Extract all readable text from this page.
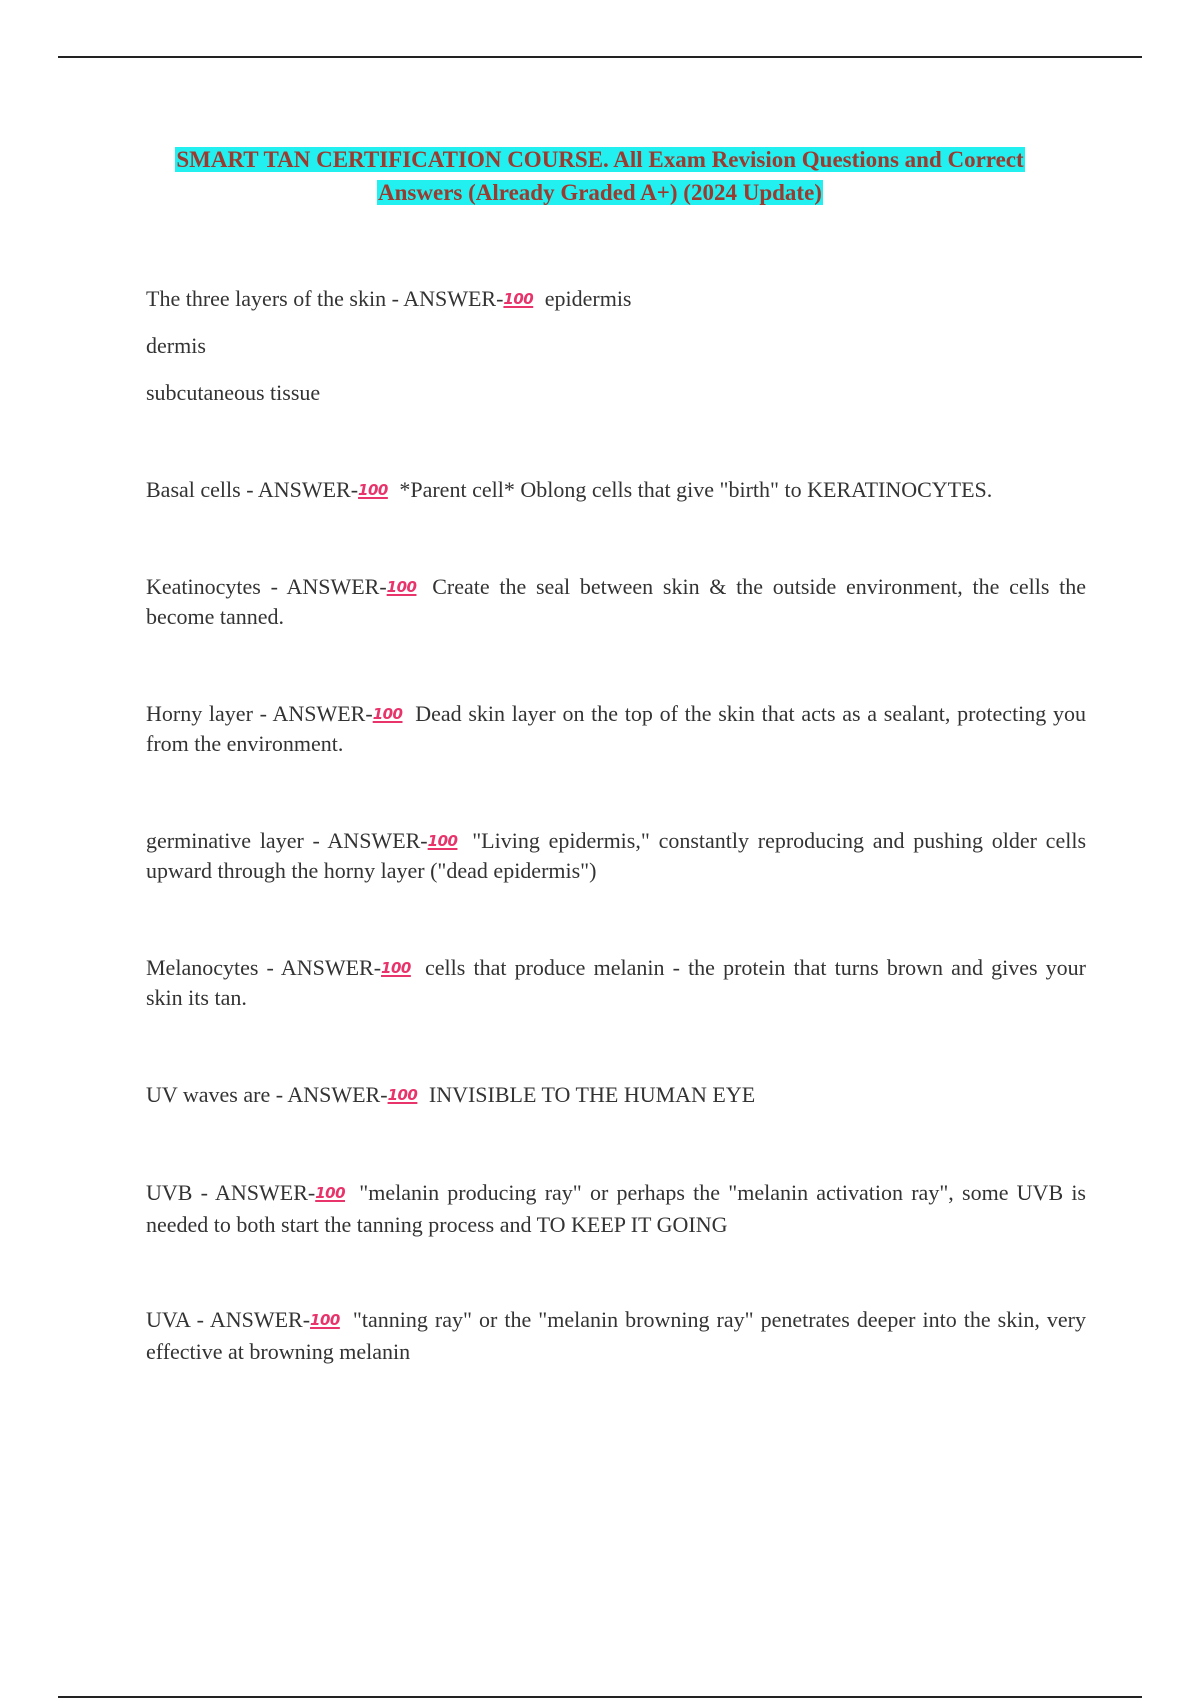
SMART TAN CERTIFICATION COURSE. All Exam Revision Questions and Correct
Answers (Already Graded A+) (2024 Update)
The three layers of the skin - ANSWER-100 epidermis
dermis
subcutaneous tissue
Basal cells - ANSWER-100 *Parent cell* Oblong cells that give "birth" to KERATINOCYTES.
Keatinocytes - ANSWER-100 Create the seal between skin & the outside environment, the cells the become tanned.
Horny layer - ANSWER-100 Dead skin layer on the top of the skin that acts as a sealant, protecting you from the environment.
germinative layer - ANSWER-100 "Living epidermis," constantly reproducing and pushing older cells upward through the horny layer ("dead epidermis")
Melanocytes - ANSWER-100 cells that produce melanin - the protein that turns brown and gives your skin its tan.
UV waves are - ANSWER-100 INVISIBLE TO THE HUMAN EYE
UVB - ANSWER-100 "melanin producing ray" or perhaps the "melanin activation ray", some UVB is needed to both start the tanning process and TO KEEP IT GOING
UVA - ANSWER-100 "tanning ray" or the "melanin browning ray" penetrates deeper into the skin, very effective at browning melanin
